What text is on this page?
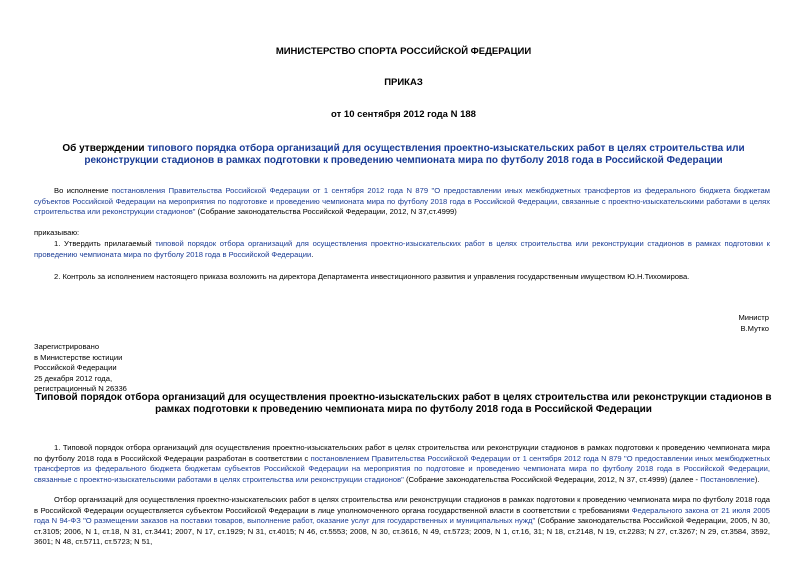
МИНИСТЕРСТВО СПОРТА РОССИЙСКОЙ ФЕДЕРАЦИИ
ПРИКАЗ
от 10 сентября 2012 года N 188
Об утверждении типового порядка отбора организаций для осуществления проектно-изыскательских работ в целях строительства или реконструкции стадионов в рамках подготовки к проведению чемпионата мира по футболу 2018 года в Российской Федерации
Во исполнение постановления Правительства Российской Федерации от 1 сентября 2012 года N 879 "О предоставлении иных межбюджетных трансфертов из федерального бюджета бюджетам субъектов Российской Федерации на мероприятия по подготовке и проведению чемпионата мира по футболу 2018 года в Российской Федерации, связанные с проектно-изыскательскими работами в целях строительства или реконструкции стадионов" (Собрание законодательства Российской Федерации, 2012, N 37,ст.4999)
приказываю:
1. Утвердить прилагаемый типовой порядок отбора организаций для осуществления проектно-изыскательских работ в целях строительства или реконструкции стадионов в рамках подготовки к проведению чемпионата мира по футболу 2018 года в Российской Федерации.
2. Контроль за исполнением настоящего приказа возложить на директора Департамента инвестиционного развития и управления государственным имуществом Ю.Н.Тихомирова.
Министр
В.Мутко
Зарегистрировано
в Министерстве юстиции
Российской Федерации
25 декабря 2012 года,
регистрационный N 26336
Типовой порядок отбора организаций для осуществления проектно-изыскательских работ в целях строительства или реконструкции стадионов в рамках подготовки к проведению чемпионата мира по футболу 2018 года в Российской Федерации
1. Типовой порядок отбора организаций для осуществления проектно-изыскательских работ в целях строительства или реконструкции стадионов в рамках подготовки к проведению чемпионата мира по футболу 2018 года в Российской Федерации разработан в соответствии с постановлением Правительства Российской Федерации от 1 сентября 2012 года N 879 "О предоставлении иных межбюджетных трансфертов из федерального бюджета бюджетам субъектов Российской Федерации на мероприятия по подготовке и проведению чемпионата мира по футболу 2018 года в Российской Федерации, связанные с проектно-изыскательскими работами в целях строительства или реконструкции стадионов" (Собрание законодательства Российской Федерации, 2012, N 37, ст.4999) (далее - Постановление).
Отбор организаций для осуществления проектно-изыскательских работ в целях строительства или реконструкции стадионов в рамках подготовки к проведению чемпионата мира по футболу 2018 года в Российской Федерации осуществляется субъектом Российской Федерации в лице уполномоченного органа государственной власти в соответствии с требованиями Федерального закона от 21 июля 2005 года N 94-ФЗ "О размещении заказов на поставки товаров, выполнение работ, оказание услуг для государственных и муниципальных нужд" (Собрание законодательства Российской Федерации, 2005, N 30, ст.3105; 2006, N 1, ст.18, N 31, ст.3441; 2007, N 17, ст.1929; N 31, ст.4015; N 46, ст.5553; 2008, N 30, ст.3616, N 49, ст.5723; 2009, N 1, ст.16, 31; N 18, ст.2148, N 19, ст.2283; N 27, ст.3267; N 29, ст.3584, 3592, 3601; N 48, ст.5711, ст.5723; N 51,
